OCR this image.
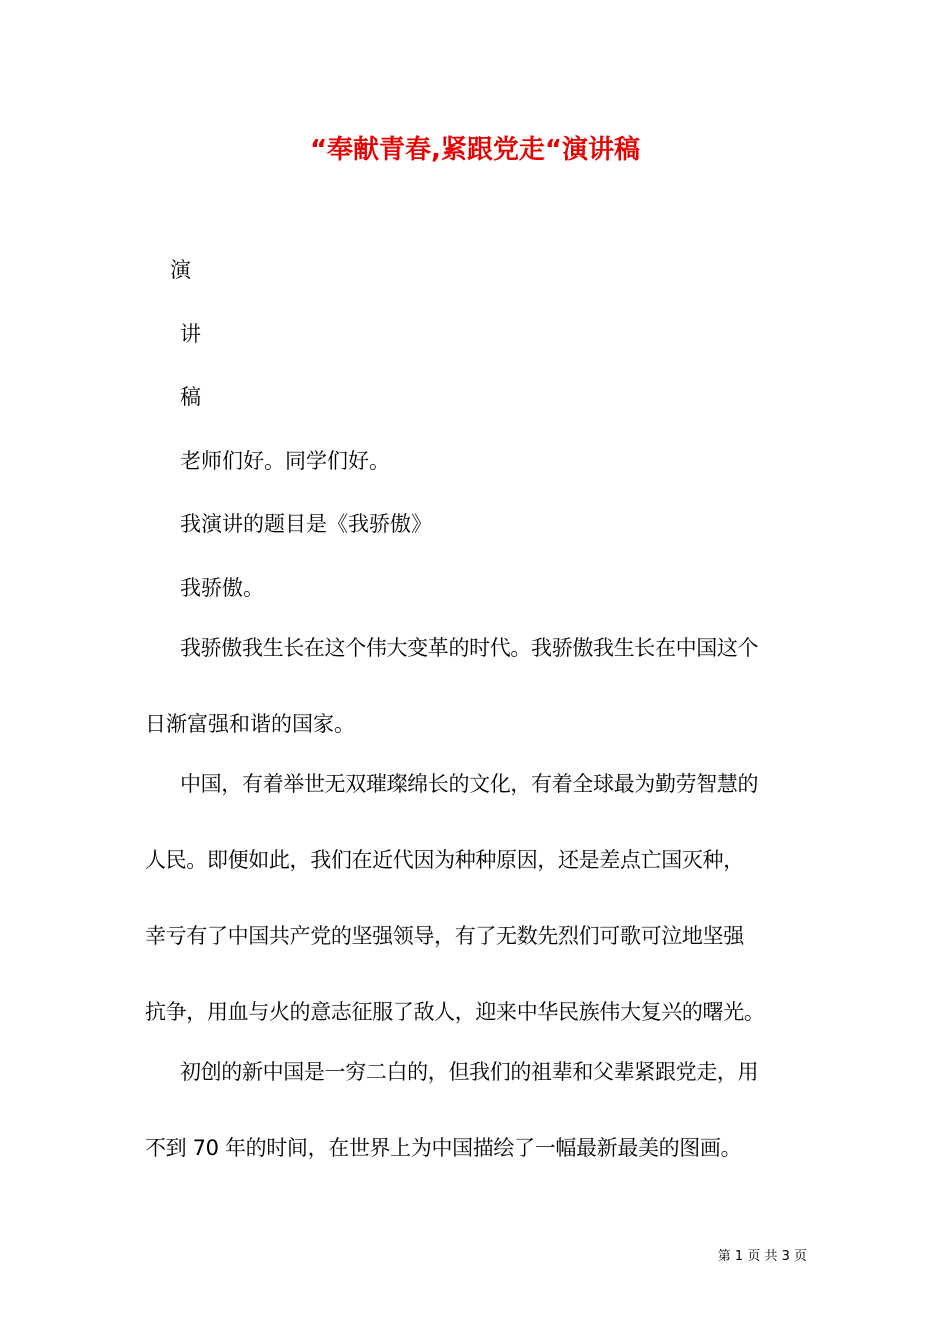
“奉献青春,紧跟党走“演讲稿
演
讲
稿
老师们好。同学们好。
我演讲的题目是《我骄傲》
我骄傲。
我骄傲我生长在这个伟大变革的时代。我骄傲我生长在中国这个
日渐富强和谐的国家。
中国，有着举世无双璀璨绵长的文化，有着全球最为勤劳智慧的
人民。即便如此，我们在近代因为种种原因，还是差点亡国灭种，
幸亏有了中国共产党的坚强领导，有了无数先烈们可歌可泣地坚强
抗争，用血与火的意志征服了敌人，迎来中华民族伟大复兴的曙光。
初创的新中国是一穷二白的，但我们的祖辈和父辈紧跟党走，用
不到 70 年的时间，在世界上为中国描绘了一幅最新最美的图画。
第 1 页 共 3 页
